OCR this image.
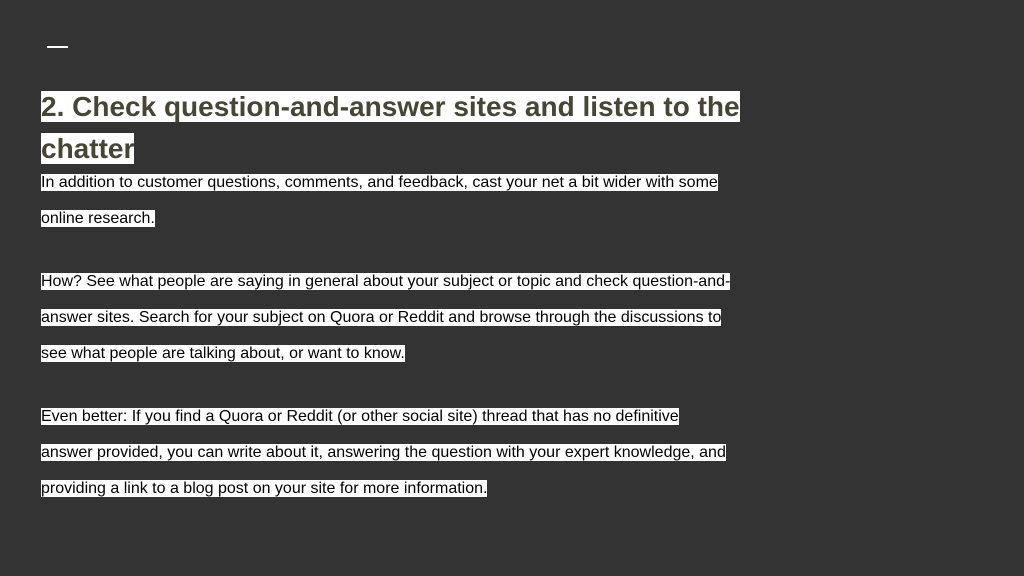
2. Check question-and-answer sites and listen to the chatter

In addition to customer questions, comments, and feedback, cast your net a bit wider with some online research.

How? See what people are saying in general about your subject or topic and check question-and-answer sites. Search for your subject on Quora or Reddit and browse through the discussions to see what people are talking about, or want to know.

Even better: If you find a Quora or Reddit (or other social site) thread that has no definitive answer provided, you can write about it, answering the question with your expert knowledge, and providing a link to a blog post on your site for more information.
